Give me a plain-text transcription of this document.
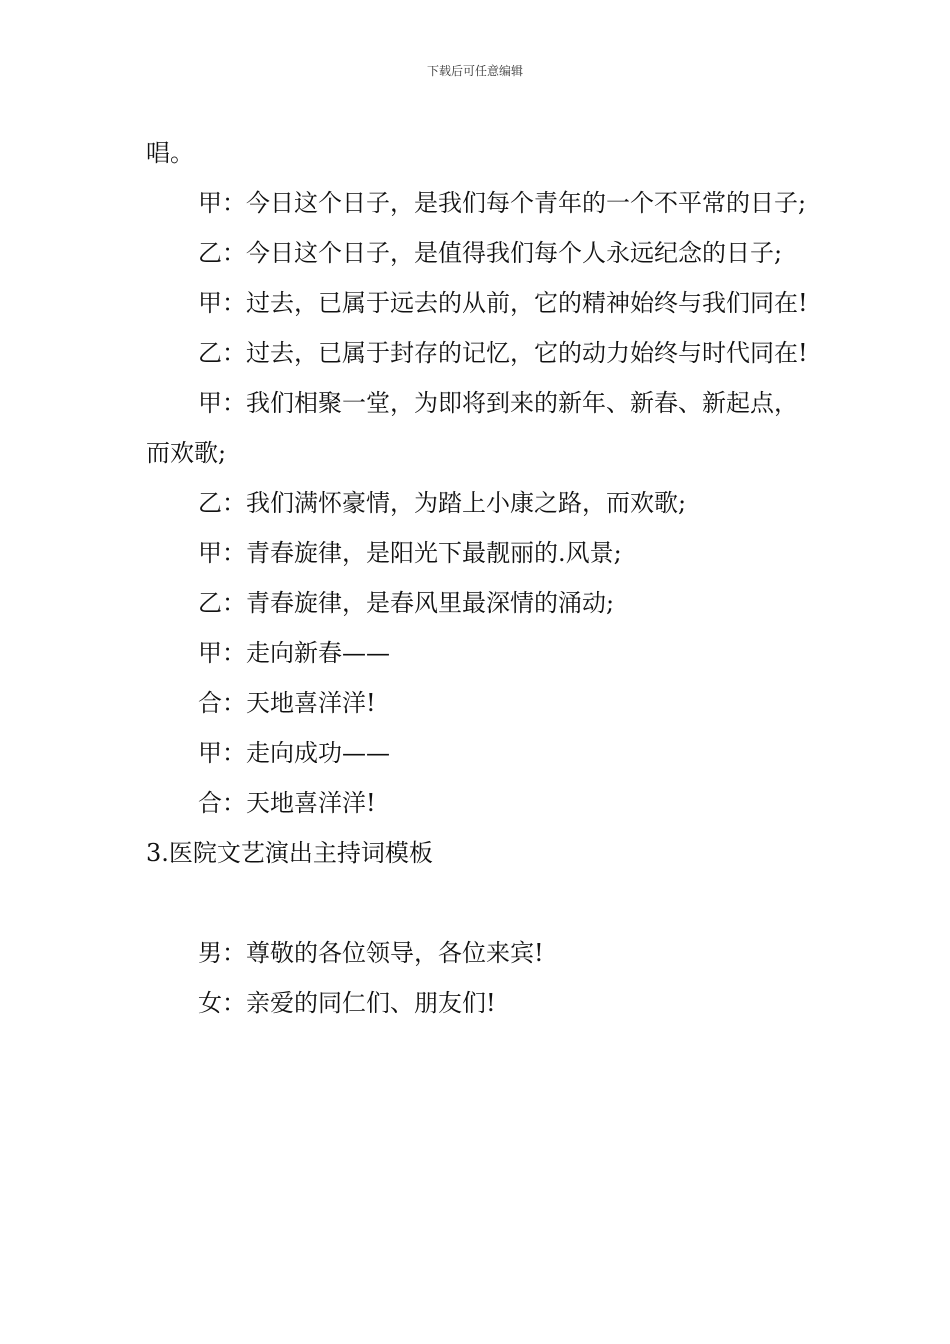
下载后可任意编辑

唱。

甲：今日这个日子，是我们每个青年的一个不平常的日子;

乙：今日这个日子，是值得我们每个人永远纪念的日子;

甲：过去，已属于远去的从前，它的精神始终与我们同在!

乙：过去，已属于封存的记忆，它的动力始终与时代同在!

甲：我们相聚一堂，为即将到来的新年、新春、新起点，而欢歌;

乙：我们满怀豪情，为踏上小康之路，而欢歌;

甲：青春旋律，是阳光下最靓丽的.风景;

乙：青春旋律，是春风里最深情的涌动;

甲：走向新春——

合：天地喜洋洋!

甲：走向成功——

合：天地喜洋洋!

3.医院文艺演出主持词模板

男：尊敬的各位领导，各位来宾!

女：亲爱的同仁们、朋友们!
